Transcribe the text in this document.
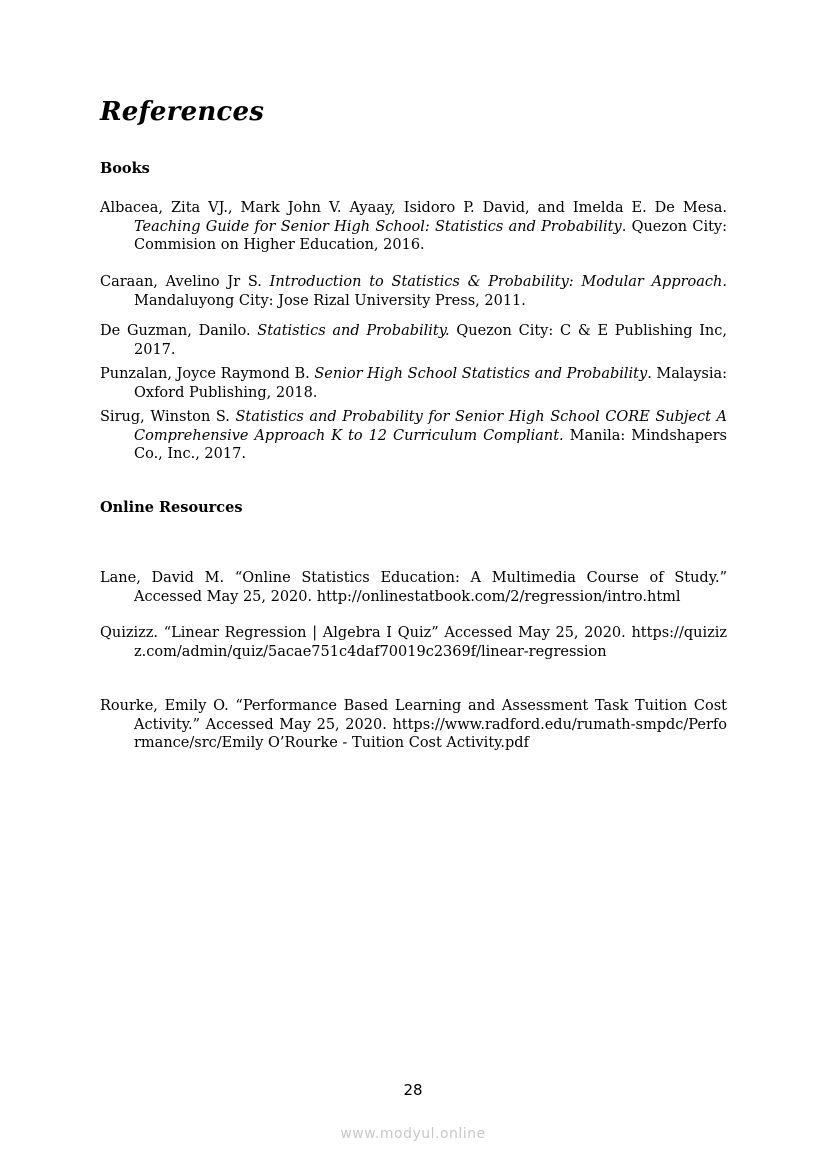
References
Books

Albacea, Zita VJ., Mark John V. Ayaay, Isidoro P. David, and Imelda E. De Mesa. Teaching Guide for Senior High School: Statistics and Probability. Quezon City: Commision on Higher Education, 2016.

Caraan, Avelino Jr S. Introduction to Statistics & Probability: Modular Approach. Mandaluyong City: Jose Rizal University Press, 2011.

De Guzman, Danilo. Statistics and Probability. Quezon City: C & E Publishing Inc, 2017.

Punzalan, Joyce Raymond B. Senior High School Statistics and Probability. Malaysia: Oxford Publishing, 2018.

Sirug, Winston S. Statistics and Probability for Senior High School CORE Subject A Comprehensive Approach K to 12 Curriculum Compliant. Manila: Mindshapers Co., Inc., 2017.

Online Resources

Lane, David M. “Online Statistics Education: A Multimedia Course of Study.” Accessed May 25, 2020. http://onlinestatbook.com/2/regression/intro.html

Quizizz. “Linear Regression | Algebra I Quiz” Accessed May 25, 2020. https://quizizz.com/admin/quiz/5acae751c4daf70019c2369f/linear-regression

Rourke, Emily O. “Performance Based Learning and Assessment Task Tuition Cost Activity.” Accessed May 25, 2020. https://www.radford.edu/rumath-smpdc/Performance/src/Emily O’Rourke - Tuition Cost Activity.pdf

28
www.modyul.online
